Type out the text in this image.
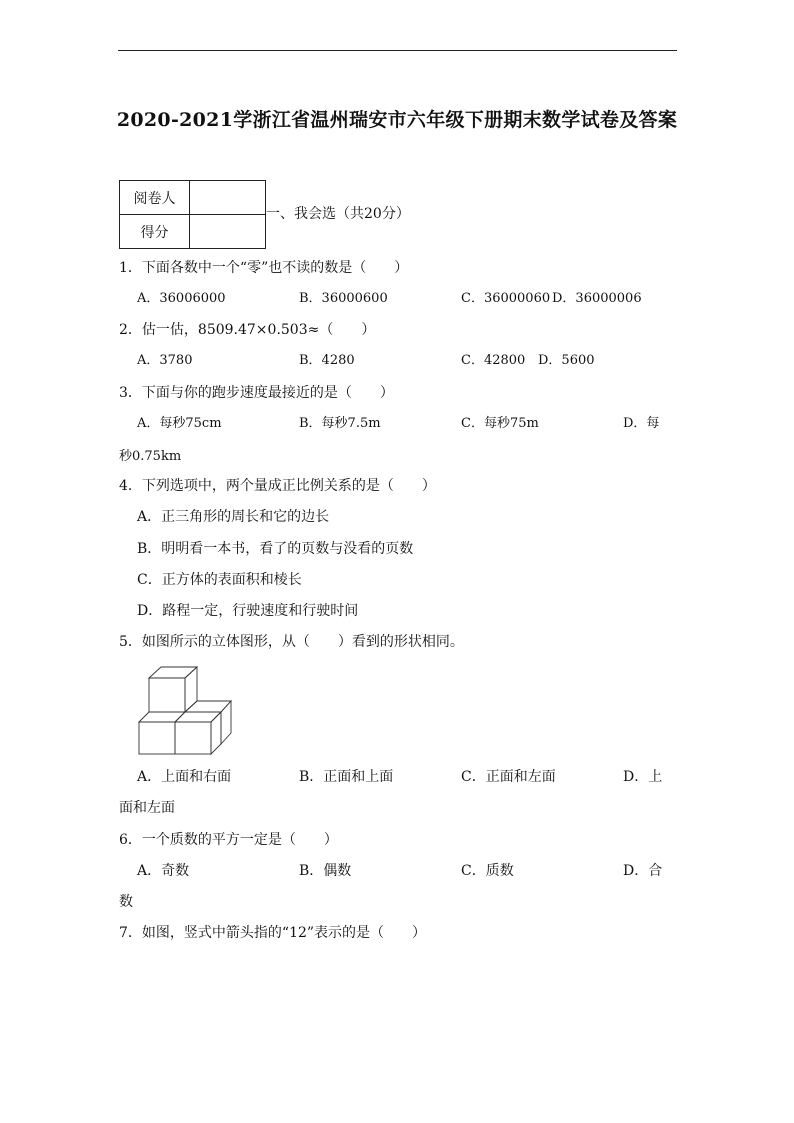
2020-2021学浙江省温州瑞安市六年级下册期末数学试卷及答案
阅卷人	
得分	
一、我会选（共20分）
1．下面各数中一个“零”也不读的数是（　　）
A．36006000	B．36000600	C．36000060 D．36000006
2．估一估，8509.47×0.503≈（　　）
A．3780	B．4280	C．42800 D．5600
3．下面与你的跑步速度最接近的是（　　）
A．每秒75cm	B．每秒7.5m	C．每秒75m	D．每
秒0.75km
4．下列选项中，两个量成正比例关系的是（　　）
A．正三角形的周长和它的边长
B．明明看一本书，看了的页数与没看的页数
C．正方体的表面积和棱长
D．路程一定，行驶速度和行驶时间
5．如图所示的立体图形，从（　　）看到的形状相同。
A．上面和右面	B．正面和上面	C．正面和左面	D．上
面和左面
6．一个质数的平方一定是（　　）
A．奇数	B．偶数	C．质数	D．合
数
7．如图，竖式中箭头指的“12”表示的是（　　）
